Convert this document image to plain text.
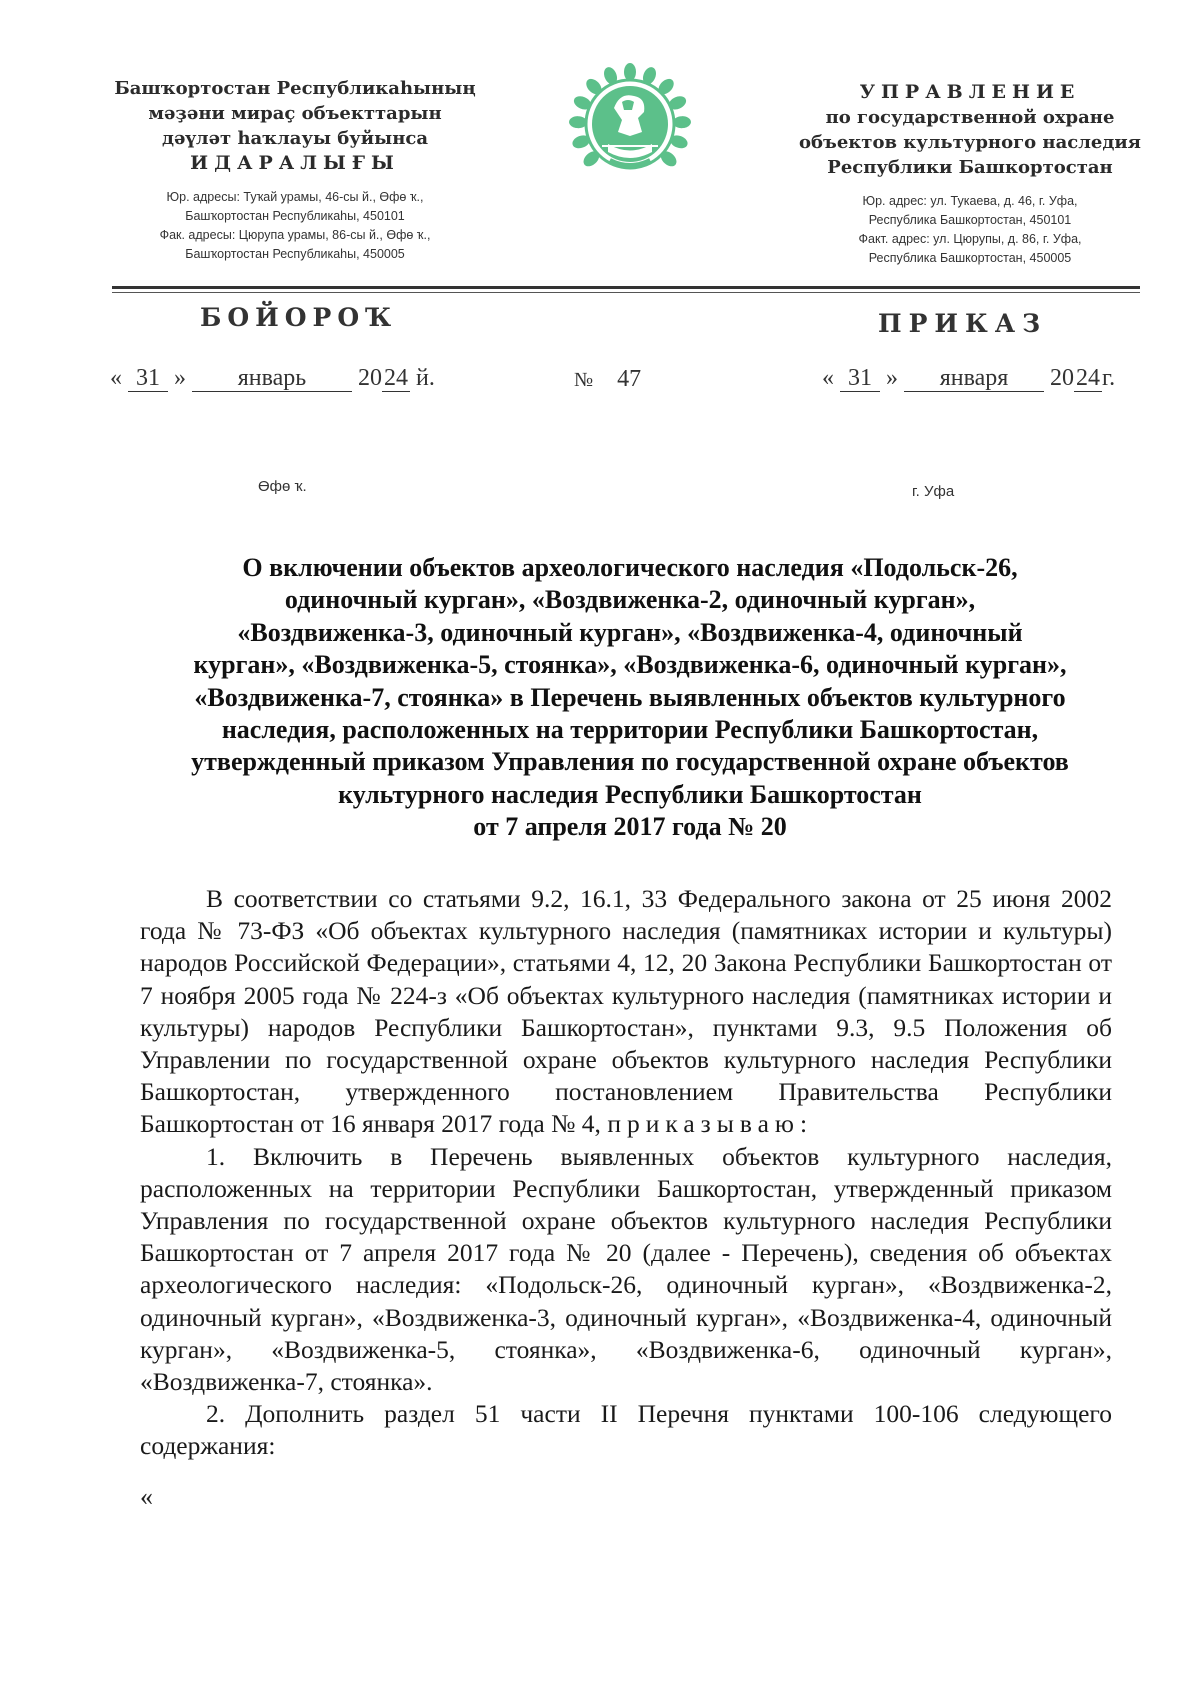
Башҡортостан Республикаһының
мәҙәни мираҫ объекттарын
дәүләт һаҡлауы буйынса
ИДАРАЛЫҒЫ
Юр. адресы: Туҡай урамы, 46-сы й., Өфө ҡ.,
Башҡортостан Республикаһы, 450101
Фак. адресы: Цюрупа урамы, 86-сы й., Өфө ҡ.,
Башҡортостан Республикаһы, 450005
УПРАВЛЕНИЕ
по государственной охране
объектов культурного наследия
Республики Башкортостан
Юр. адрес: ул. Тукаева, д. 46, г. Уфа,
Республика Башкортостан, 450101
Факт. адрес: ул. Цюрупы, д. 86, г. Уфа,
Республика Башкортостан, 450005
БОЙОРОҠ	ПРИКАЗ
« 31 » январь 2024 й.	№ 47	« 31 » января 2024г.
Өфө ҡ.	г. Уфа
О включении объектов археологического наследия «Подольск-26,
одиночный курган», «Воздвиженка-2, одиночный курган»,
«Воздвиженка-3, одиночный курган», «Воздвиженка-4, одиночный
курган», «Воздвиженка-5, стоянка», «Воздвиженка-6, одиночный курган»,
«Воздвиженка-7, стоянка» в Перечень выявленных объектов культурного
наследия, расположенных на территории Республики Башкортостан,
утвержденный приказом Управления по государственной охране объектов
культурного наследия Республики Башкортостан
от 7 апреля 2017 года № 20

В соответствии со статьями 9.2, 16.1, 33 Федерального закона от 25 июня 2002 года № 73-ФЗ «Об объектах культурного наследия (памятниках истории и культуры) народов Российской Федерации», статьями 4, 12, 20 Закона Республики Башкортостан от 7 ноября 2005 года № 224-з «Об объектах культурного наследия (памятниках истории и культуры) народов Республики Башкортостан», пунктами 9.3, 9.5 Положения об Управлении по государственной охране объектов культурного наследия Республики Башкортостан, утвержденного постановлением Правительства Республики Башкортостан от 16 января 2017 года № 4, приказываю:

1. Включить в Перечень выявленных объектов культурного наследия, расположенных на территории Республики Башкортостан, утвержденный приказом Управления по государственной охране объектов культурного наследия Республики Башкортостан от 7 апреля 2017 года № 20 (далее - Перечень), сведения об объектах археологического наследия: «Подольск-26, одиночный курган», «Воздвиженка-2, одиночный курган», «Воздвиженка-3, одиночный курган», «Воздвиженка-4, одиночный курган», «Воздвиженка-5, стоянка», «Воздвиженка-6, одиночный курган», «Воздвиженка-7, стоянка».

2. Дополнить раздел 51 части II Перечня пунктами 100-106 следующего содержания:

«
